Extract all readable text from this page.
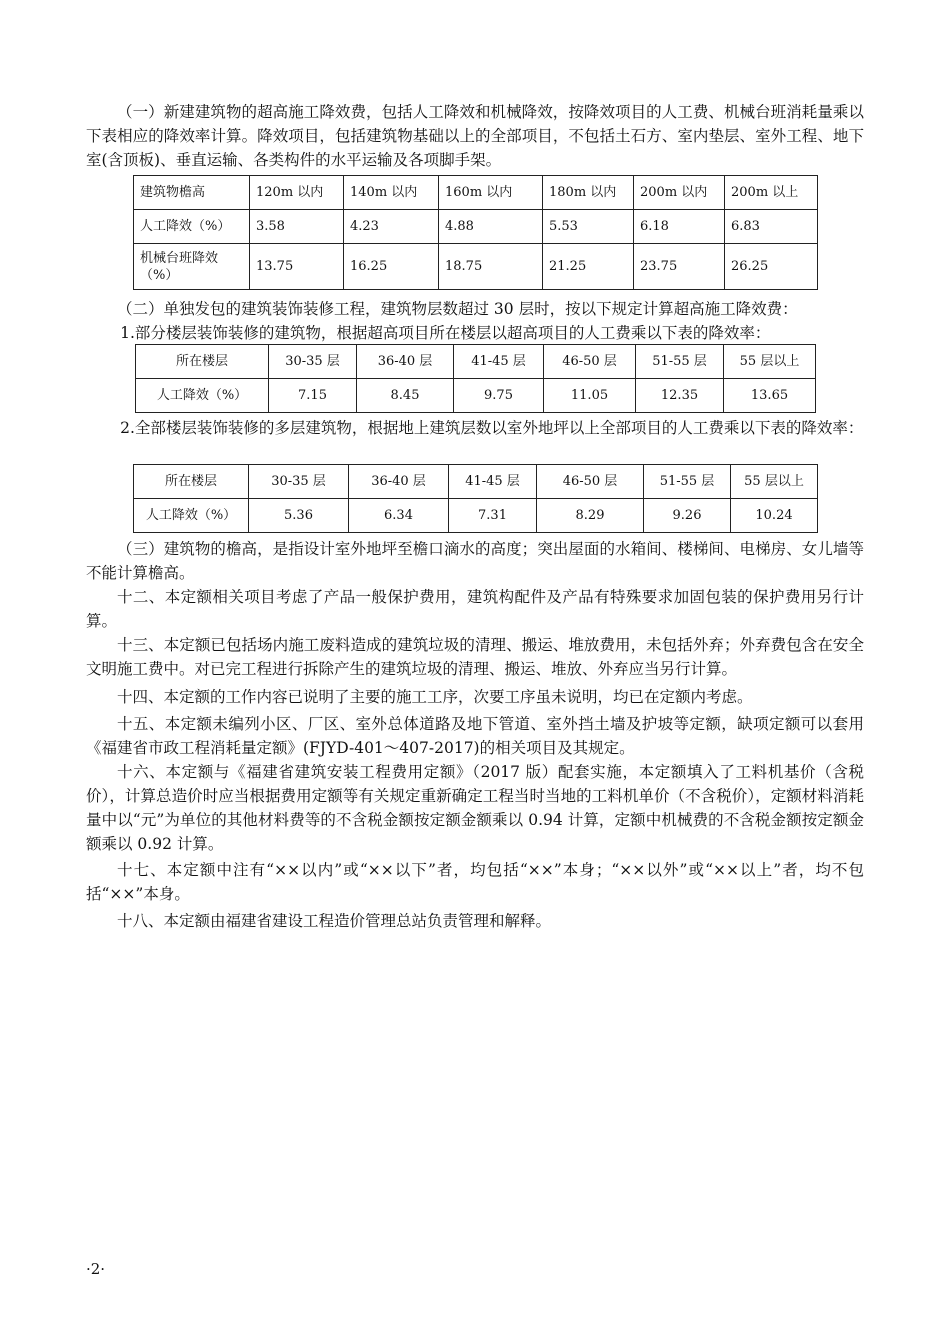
（一）新建建筑物的超高施工降效费，包括人工降效和机械降效，按降效项目的人工费、机械台班消耗量乘以下表相应的降效率计算。降效项目，包括建筑物基础以上的全部项目，不包括土石方、室内垫层、室外工程、地下室(含顶板)、垂直运输、各类构件的水平运输及各项脚手架。

建筑物檐高	120m 以内	140m 以内	160m 以内	180m 以内	200m 以内	200m 以上
人工降效（%）	3.58	4.23	4.88	5.53	6.18	6.83
机械台班降效（%）	13.75	16.25	18.75	21.25	23.75	26.25

（二）单独发包的建筑装饰装修工程，建筑物层数超过 30 层时，按以下规定计算超高施工降效费：

1.部分楼层装饰装修的建筑物，根据超高项目所在楼层以超高项目的人工费乘以下表的降效率：

所在楼层	30-35 层	36-40 层	41-45 层	46-50 层	51-55 层	55 层以上
人工降效（%）	7.15	8.45	9.75	11.05	12.35	13.65

2.全部楼层装饰装修的多层建筑物，根据地上建筑层数以室外地坪以上全部项目的人工费乘以下表的降效率：

所在楼层	30-35 层	36-40 层	41-45 层	46-50 层	51-55 层	55 层以上
人工降效（%）	5.36	6.34	7.31	8.29	9.26	10.24

（三）建筑物的檐高，是指设计室外地坪至檐口滴水的高度；突出屋面的水箱间、楼梯间、电梯房、女儿墙等不能计算檐高。

十二、本定额相关项目考虑了产品一般保护费用，建筑构配件及产品有特殊要求加固包装的保护费用另行计算。

十三、本定额已包括场内施工废料造成的建筑垃圾的清理、搬运、堆放费用，未包括外弃；外弃费包含在安全文明施工费中。对已完工程进行拆除产生的建筑垃圾的清理、搬运、堆放、外弃应当另行计算。

十四、本定额的工作内容已说明了主要的施工工序，次要工序虽未说明，均已在定额内考虑。

十五、本定额未编列小区、厂区、室外总体道路及地下管道、室外挡土墙及护坡等定额，缺项定额可以套用《福建省市政工程消耗量定额》(FJYD-401～407-2017)的相关项目及其规定。

十六、本定额与《福建省建筑安装工程费用定额》（2017 版）配套实施，本定额填入了工料机基价（含税价），计算总造价时应当根据费用定额等有关规定重新确定工程当时当地的工料机单价（不含税价），定额材料消耗量中以“元”为单位的其他材料费等的不含税金额按定额金额乘以 0.94 计算，定额中机械费的不含税金额按定额金额乘以 0.92 计算。

十七、本定额中注有“××以内”或“××以下”者，均包括“××”本身；“××以外”或“××以上”者，均不包括“××”本身。

十八、本定额由福建省建设工程造价管理总站负责管理和解释。

·2·
